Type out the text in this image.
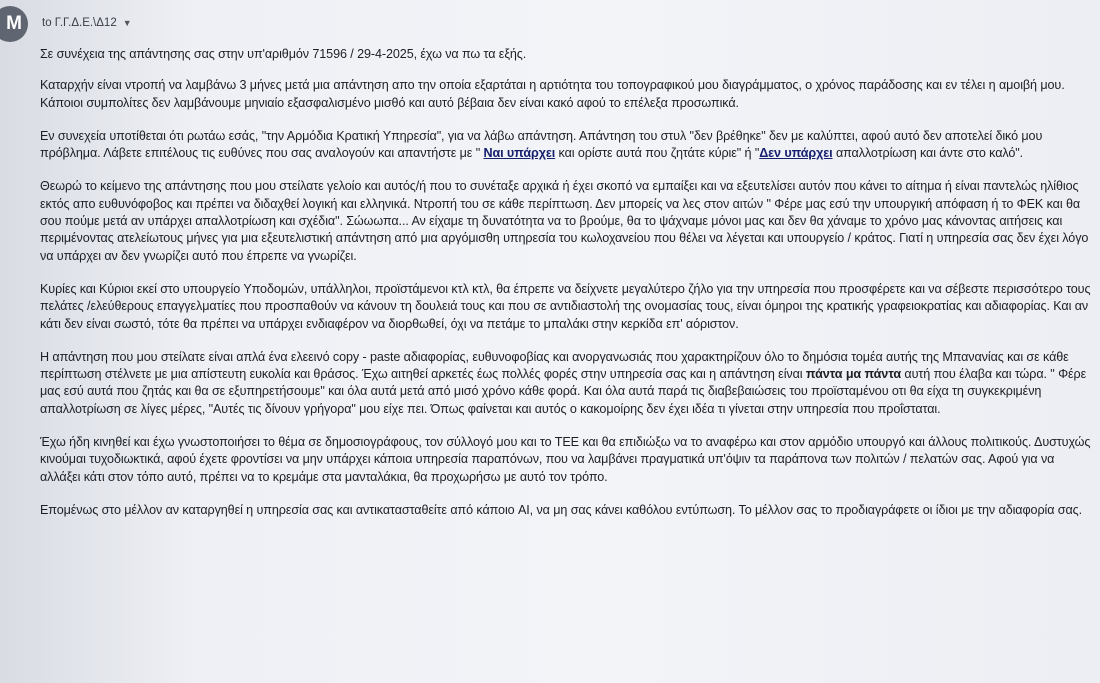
M to Γ.Γ.Δ.Ε.\Δ12 ▼

Σε συνέχεια της απάντησης σας στην υπ'αριθμόν 71596 / 29-4-2025, έχω να πω τα εξής.

Καταρχήν είναι ντροπή να λαμβάνω 3 μήνες μετά μια απάντηση απο την οποία εξαρτάται η αρτιότητα του τοπογραφικού μου διαγράμματος, ο χρόνος παράδοσης και εν τέλει η αμοιβή μου. Κάποιοι συμπολίτες δεν λαμβάνουμε μηνιαίο εξασφαλισμένο μισθό και αυτό βέβαια δεν είναι κακό αφού το επέλεξα προσωπικά.

Εν συνεχεία υποτίθεται ότι ρωτάω εσάς, "την Αρμόδια Κρατική Υπηρεσία", για να λάβω απάντηση. Απάντηση του στυλ "δεν βρέθηκε" δεν με καλύπτει, αφού αυτό δεν αποτελεί δικό μου πρόβλημα. Λάβετε επιτέλους τις ευθύνες που σας αναλογούν και απαντήστε με " Ναι υπάρχει και ορίστε αυτά που ζητάτε κύριε" ή "Δεν υπάρχει απαλλοτρίωση και άντε στο καλό".

Θεωρώ το κείμενο της απάντησης που μου στείλατε γελοίο και αυτός/ή που το συνέταξε αρχικά ή έχει σκοπό να εμπαίξει και να εξευτελίσει αυτόν που κάνει το αίτημα ή είναι παντελώς ηλίθιος εκτός απο ευθυνόφοβος και πρέπει να διδαχθεί λογική και ελληνικά. Ντροπή του σε κάθε περίπτωση. Δεν μπορείς να λες στον αιτών " Φέρε μας εσύ την υπουργική απόφαση ή το ΦΕΚ και θα σου πούμε μετά αν υπάρχει απαλλοτρίωση και σχέδια". Σώωωπα... Αν είχαμε τη δυνατότητα να το βρούμε, θα το ψάχναμε μόνοι μας και δεν θα χάναμε το χρόνο μας κάνοντας αιτήσεις και περιμένοντας ατελείωτους μήνες για μια εξευτελιστική απάντηση από μια αργόμισθη υπηρεσία του κωλοχανείου που θέλει να λέγεται και υπουργείο / κράτος. Γιατί η υπηρεσία σας δεν έχει λόγο να υπάρχει αν δεν γνωρίζει αυτό που έπρεπε να γνωρίζει.

Κυρίες και Κύριοι εκεί στο υπουργείο Υποδομών, υπάλληλοι, προϊστάμενοι κτλ κτλ, θα έπρεπε να δείχνετε μεγαλύτερο ζήλο για την υπηρεσία που προσφέρετε και να σέβεστε περισσότερο τους πελάτες /ελεύθερους επαγγελματίες που προσπαθούν να κάνουν τη δουλειά τους και που σε αντιδιαστολή της ονομασίας τους, είναι όμηροι της κρατικής γραφειοκρατίας και αδιαφορίας. Και αν κάτι δεν είναι σωστό, τότε θα πρέπει να υπάρχει ενδιαφέρον να διορθωθεί, όχι να πετάμε το μπαλάκι στην κερκίδα επ' αόριστον.

Η απάντηση που μου στείλατε είναι απλά ένα ελεεινό copy - paste αδιαφορίας, ευθυνοφοβίας και ανοργανωσιάς που χαρακτηρίζουν όλο το δημόσια τομέα αυτής της Μπανανίας και σε κάθε περίπτωση στέλνετε με μια απίστευτη ευκολία και θράσος. Έχω αιτηθεί αρκετές έως πολλές φορές στην υπηρεσία σας και η απάντηση είναι πάντα μα πάντα αυτή που έλαβα και τώρα. " Φέρε μας εσύ αυτά που ζητάς και θα σε εξυπηρετήσουμε" και όλα αυτά μετά από μισό χρόνο κάθε φορά. Και όλα αυτά παρά τις διαβεβαιώσεις του προϊσταμένου οτι θα είχα τη συγκεκριμένη απαλλοτρίωση σε λίγες μέρες, "Αυτές τις δίνουν γρήγορα" μου είχε πει. Όπως φαίνεται και αυτός ο κακομοίρης δεν έχει ιδέα τι γίνεται στην υπηρεσία που προΐσταται.

Έχω ήδη κινηθεί και έχω γνωστοποιήσει το θέμα σε δημοσιογράφους, τον σύλλογό μου και το ΤΕΕ και θα επιδιώξω να το αναφέρω και στον αρμόδιο υπουργό και άλλους πολιτικούς. Δυστυχώς κινούμαι τυχοδιωκτικά, αφού έχετε φροντίσει να μην υπάρχει κάποια υπηρεσία παραπόνων, που να λαμβάνει πραγματικά υπ'όψιν τα παράπονα των πολιτών / πελατών σας. Αφού για να αλλάξει κάτι στον τόπο αυτό, πρέπει να το κρεμάμε στα μανταλάκια, θα προχωρήσω με αυτό τον τρόπο.

Επομένως στο μέλλον αν καταργηθεί η υπηρεσία σας και αντικατασταθείτε από κάποιο AI, να μη σας κάνει καθόλου εντύπωση. Το μέλλον σας το προδιαγράφετε οι ίδιοι με την αδιαφορία σας.
